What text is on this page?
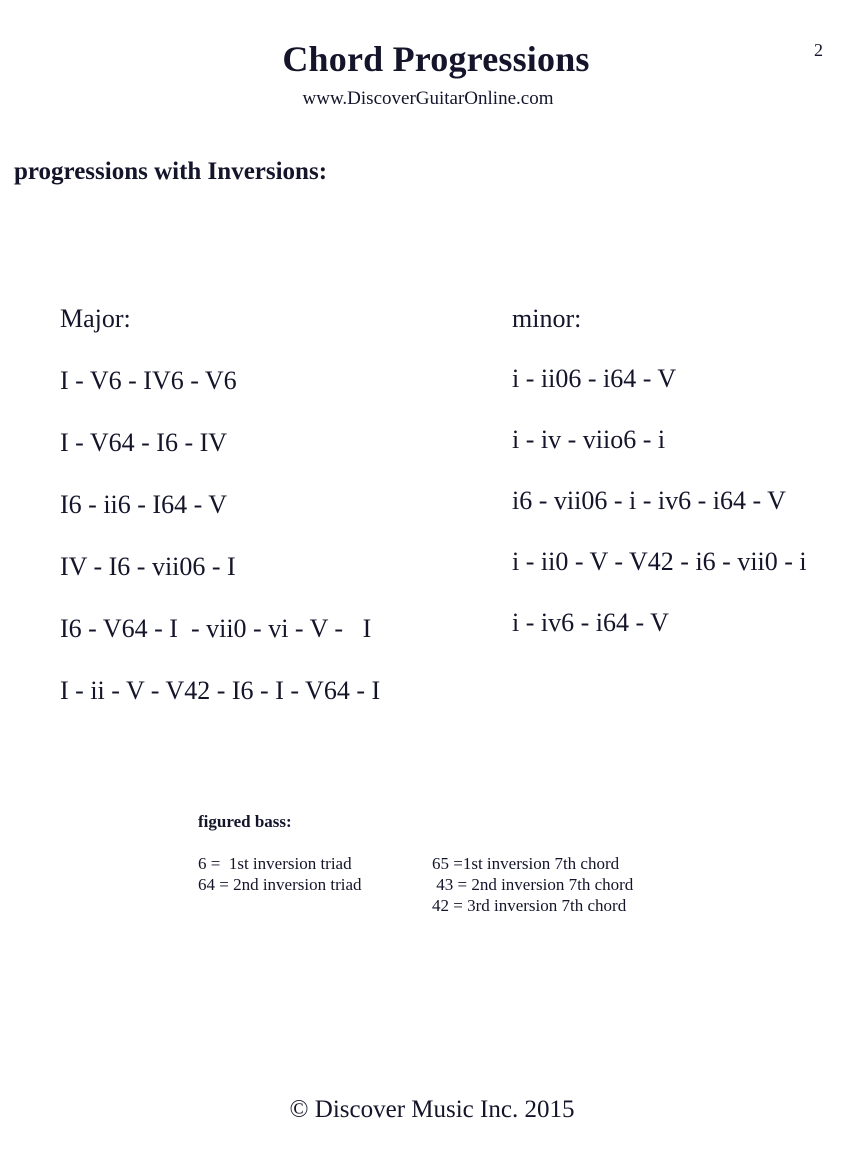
2
Chord Progressions
www.DiscoverGuitarOnline.com
progressions with Inversions:
Major:
I - V6 - IV6 - V6
I - V64 - I6 - IV
I6 - ii6 - I64 - V
IV - I6 - vii06 - I
I6 - V64 - I  - vii0 - vi - V -   I
I - ii - V - V42 - I6 - I - V64 - I
minor:
i - ii06 - i64 - V
i - iv - viio6 - i
i6 - vii06 - i - iv6 - i64 - V
i - ii0 - V - V42 - i6 - vii0 - i
i - iv6 - i64 - V
figured bass:
6 =  1st inversion triad
64 = 2nd inversion triad
65 =1st inversion 7th chord
43 = 2nd inversion 7th chord
42 = 3rd inversion 7th chord
© Discover Music Inc. 2015
